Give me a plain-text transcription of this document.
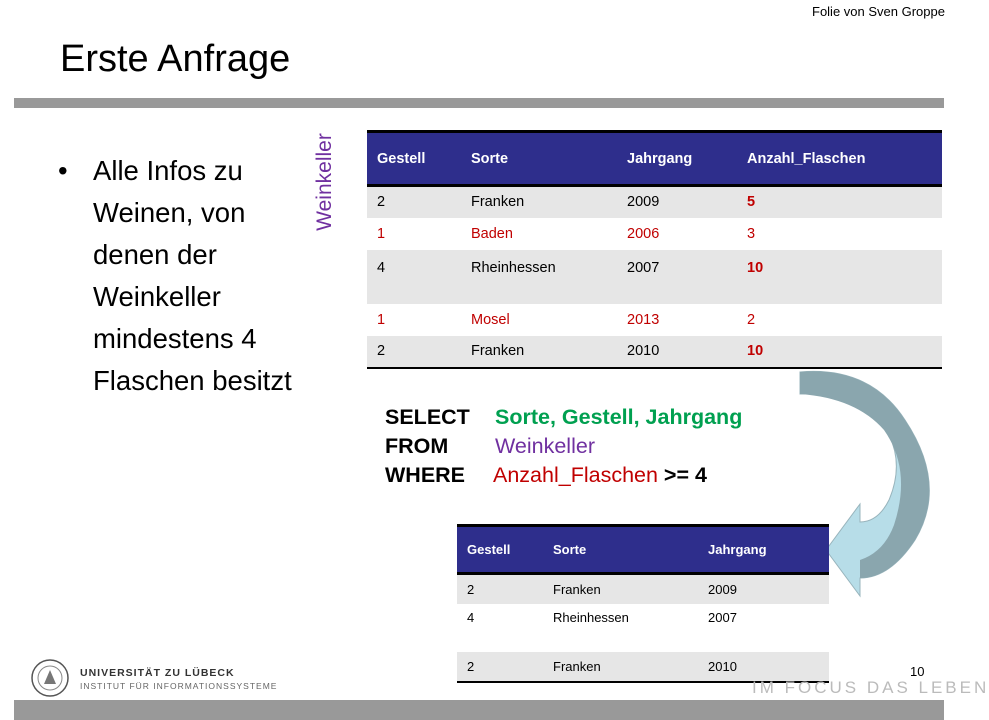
Folie von Sven Groppe
Erste Anfrage
• Alle Infos zu Weinen, von denen der Weinkeller mindestens 4 Flaschen besitzt
Weinkeller	Gestell	Sorte	Jahrgang	Anzahl_Flaschen
2	Franken	2009	5
1	Baden	2006	3
4	Rheinhessen	2007	10
1	Mosel	2013	2
2	Franken	2010	10
SELECT Sorte, Gestell, Jahrgang
FROM Weinkeller
WHERE Anzahl_Flaschen >= 4
Gestell	Sorte	Jahrgang
2	Franken	2009
4	Rheinhessen	2007
2	Franken	2010
UNIVERSITÄT ZU LÜBECK
INSTITUT FÜR INFORMATIONSSYSTEME	IM FOCUS DAS LEBEN
10
